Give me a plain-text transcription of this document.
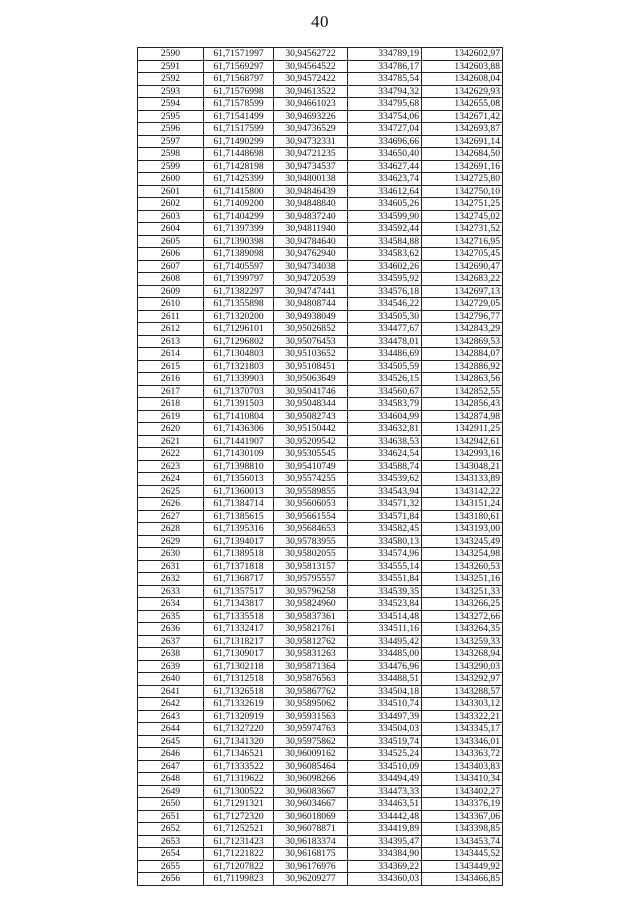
40
2590	61,71571997	30,94562722	334789,19	1342602,97
2591	61,71569297	30,94564522	334786,17	1342603,88
2592	61,71568797	30,94572422	334785,54	1342608,04
2593	61,71576998	30,94613522	334794,32	1342629,93
2594	61,71578599	30,94661023	334795,68	1342655,08
2595	61,71541499	30,94693226	334754,06	1342671,42
2596	61,71517599	30,94736529	334727,04	1342693,87
2597	61,71490299	30,94732331	334696,66	1342691,14
2598	61,71448698	30,94721235	334650,40	1342684,50
2599	61,71428198	30,94734537	334627,44	1342691,16
2600	61,71425399	30,94800138	334623,74	1342725,80
2601	61,71415800	30,94846439	334612,64	1342750,10
2602	61,71409200	30,94848840	334605,26	1342751,25
2603	61,71404299	30,94837240	334599,90	1342745,02
2604	61,71397399	30,94811940	334592,44	1342731,52
2605	61,71390398	30,94784640	334584,88	1342716,95
2606	61,71389098	30,94762940	334583,62	1342705,45
2607	61,71405597	30,94734038	334602,26	1342690,47
2608	61,71399797	30,94720539	334595,92	1342683,22
2609	61,71382297	30,94747441	334576,18	1342697,13
2610	61,71355898	30,94808744	334546,22	1342729,05
2611	61,71320200	30,94938049	334505,30	1342796,77
2612	61,71296101	30,95026852	334477,67	1342843,29
2613	61,71296802	30,95076453	334478,01	1342869,53
2614	61,71304803	30,95103652	334486,69	1342884,07
2615	61,71321803	30,95108451	334505,59	1342886,92
2616	61,71339903	30,95063649	334526,15	1342863,56
2617	61,71370703	30,95041746	334560,67	1342852,55
2618	61,71391503	30,95048344	334583,79	1342856,43
2619	61,71410804	30,95082743	334604,99	1342874,98
2620	61,71436306	30,95150442	334632,81	1342911,25
2621	61,71441907	30,95209542	334638,53	1342942,61
2622	61,71430109	30,95305545	334624,54	1342993,16
2623	61,71398810	30,95410749	334588,74	1343048,21
2624	61,71356013	30,95574255	334539,62	1343133,89
2625	61,71360013	30,95589855	334543,94	1343142,22
2626	61,71384714	30,95606053	334571,32	1343151,24
2627	61,71385615	30,95661554	334571,84	1343180,61
2628	61,71395316	30,95684653	334582,45	1343193,00
2629	61,71394017	30,95783955	334580,13	1343245,49
2630	61,71389518	30,95802055	334574,96	1343254,98
2631	61,71371818	30,95813157	334555,14	1343260,53
2632	61,71368717	30,95795557	334551,84	1343251,16
2633	61,71357517	30,95796258	334539,35	1343251,33
2634	61,71343817	30,95824960	334523,84	1343266,25
2635	61,71335518	30,95837361	334514,48	1343272,66
2636	61,71332417	30,95821761	334511,16	1343264,35
2637	61,71318217	30,95812762	334495,42	1343259,33
2638	61,71309017	30,95831263	334485,00	1343268,94
2639	61,71302118	30,95871364	334476,96	1343290,03
2640	61,71312518	30,95876563	334488,51	1343292,97
2641	61,71326518	30,95867762	334504,18	1343288,57
2642	61,71332619	30,95895062	334510,74	1343303,12
2643	61,71320919	30,95931563	334497,39	1343322,21
2644	61,71327220	30,95974763	334504,03	1343345,17
2645	61,71341320	30,95975862	334519,74	1343346,01
2646	61,71346521	30,96009162	334525,24	1343363,72
2647	61,71333522	30,96085464	334510,09	1343403,83
2648	61,71319622	30,96098266	334494,49	1343410,34
2649	61,71300522	30,96083667	334473,33	1343402,27
2650	61,71291321	30,96034667	334463,51	1343376,19
2651	61,71272320	30,96018069	334442,48	1343367,06
2652	61,71252521	30,96078871	334419,89	1343398,85
2653	61,71231423	30,96183374	334395,47	1343453,74
2654	61,71221822	30,96168175	334384,90	1343445,52
2655	61,71207822	30,96176976	334369,22	1343449,92
2656	61,71199823	30,96209277	334360,03	1343466,85
